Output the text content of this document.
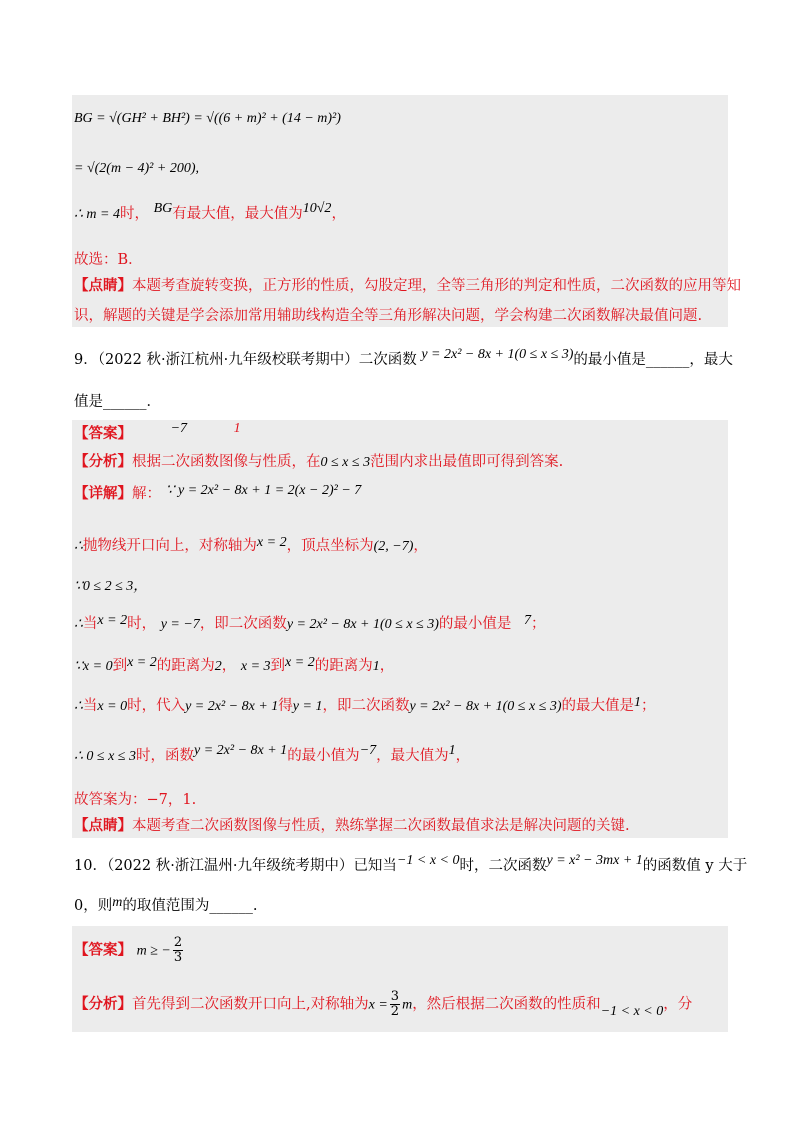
BG = √(GH² + BH²) = √((6 + m)² + (14 − m)²)
= √(2(m − 4)² + 200),
∴ m = 4时， BG有最大值，最大值为10√2，
故选：B．
【点睛】本题考查旋转变换，正方形的性质，勾股定理，全等三角形的判定和性质，二次函数的应用等知
识，解题的关键是学会添加常用辅助线构造全等三角形解决问题，学会构建二次函数解决最值问题.
9．（2022 秋·浙江杭州·九年级校联考期中）二次函数 y = 2x² − 8x + 1(0 ≤ x ≤ 3)的最小值是______，最大
值是______．
【答案】	−7	1
【分析】根据二次函数图像与性质，在0 ≤ x ≤ 3范围内求出最值即可得到答案.
【详解】解： ∵ y = 2x² − 8x + 1 = 2(x − 2)² − 7
∴抛物线开口向上，对称轴为x = 2，顶点坐标为(2, −7)，
∵0 ≤ 2 ≤ 3，
∴当x = 2时， y = −7，即二次函数y = 2x² − 8x + 1(0 ≤ x ≤ 3)的最小值是 7；
∵x = 0到x = 2的距离为2， x = 3到x = 2的距离为1，
∴当x = 0时，代入y = 2x² − 8x + 1得y = 1，即二次函数y = 2x² − 8x + 1(0 ≤ x ≤ 3)的最大值是1；
∴ 0 ≤ x ≤ 3时，函数y = 2x² − 8x + 1的最小值为−7，最大值为1，
故答案为：−7，1.
【点睛】本题考查二次函数图像与性质，熟练掌握二次函数最值求法是解决问题的关键.
10．（2022 秋·浙江温州·九年级统考期中）已知当−1 < x < 0时，二次函数y = x² − 3mx + 1的函数值 y 大于
0，则m的取值范围为______.
【答案】 m ≥ − $\frac{2}{3}$
【分析】首先得到二次函数开口向上,对称轴为$x = \frac{3}{2}$ m，然后根据二次函数的性质和−1 < x < 0，分
